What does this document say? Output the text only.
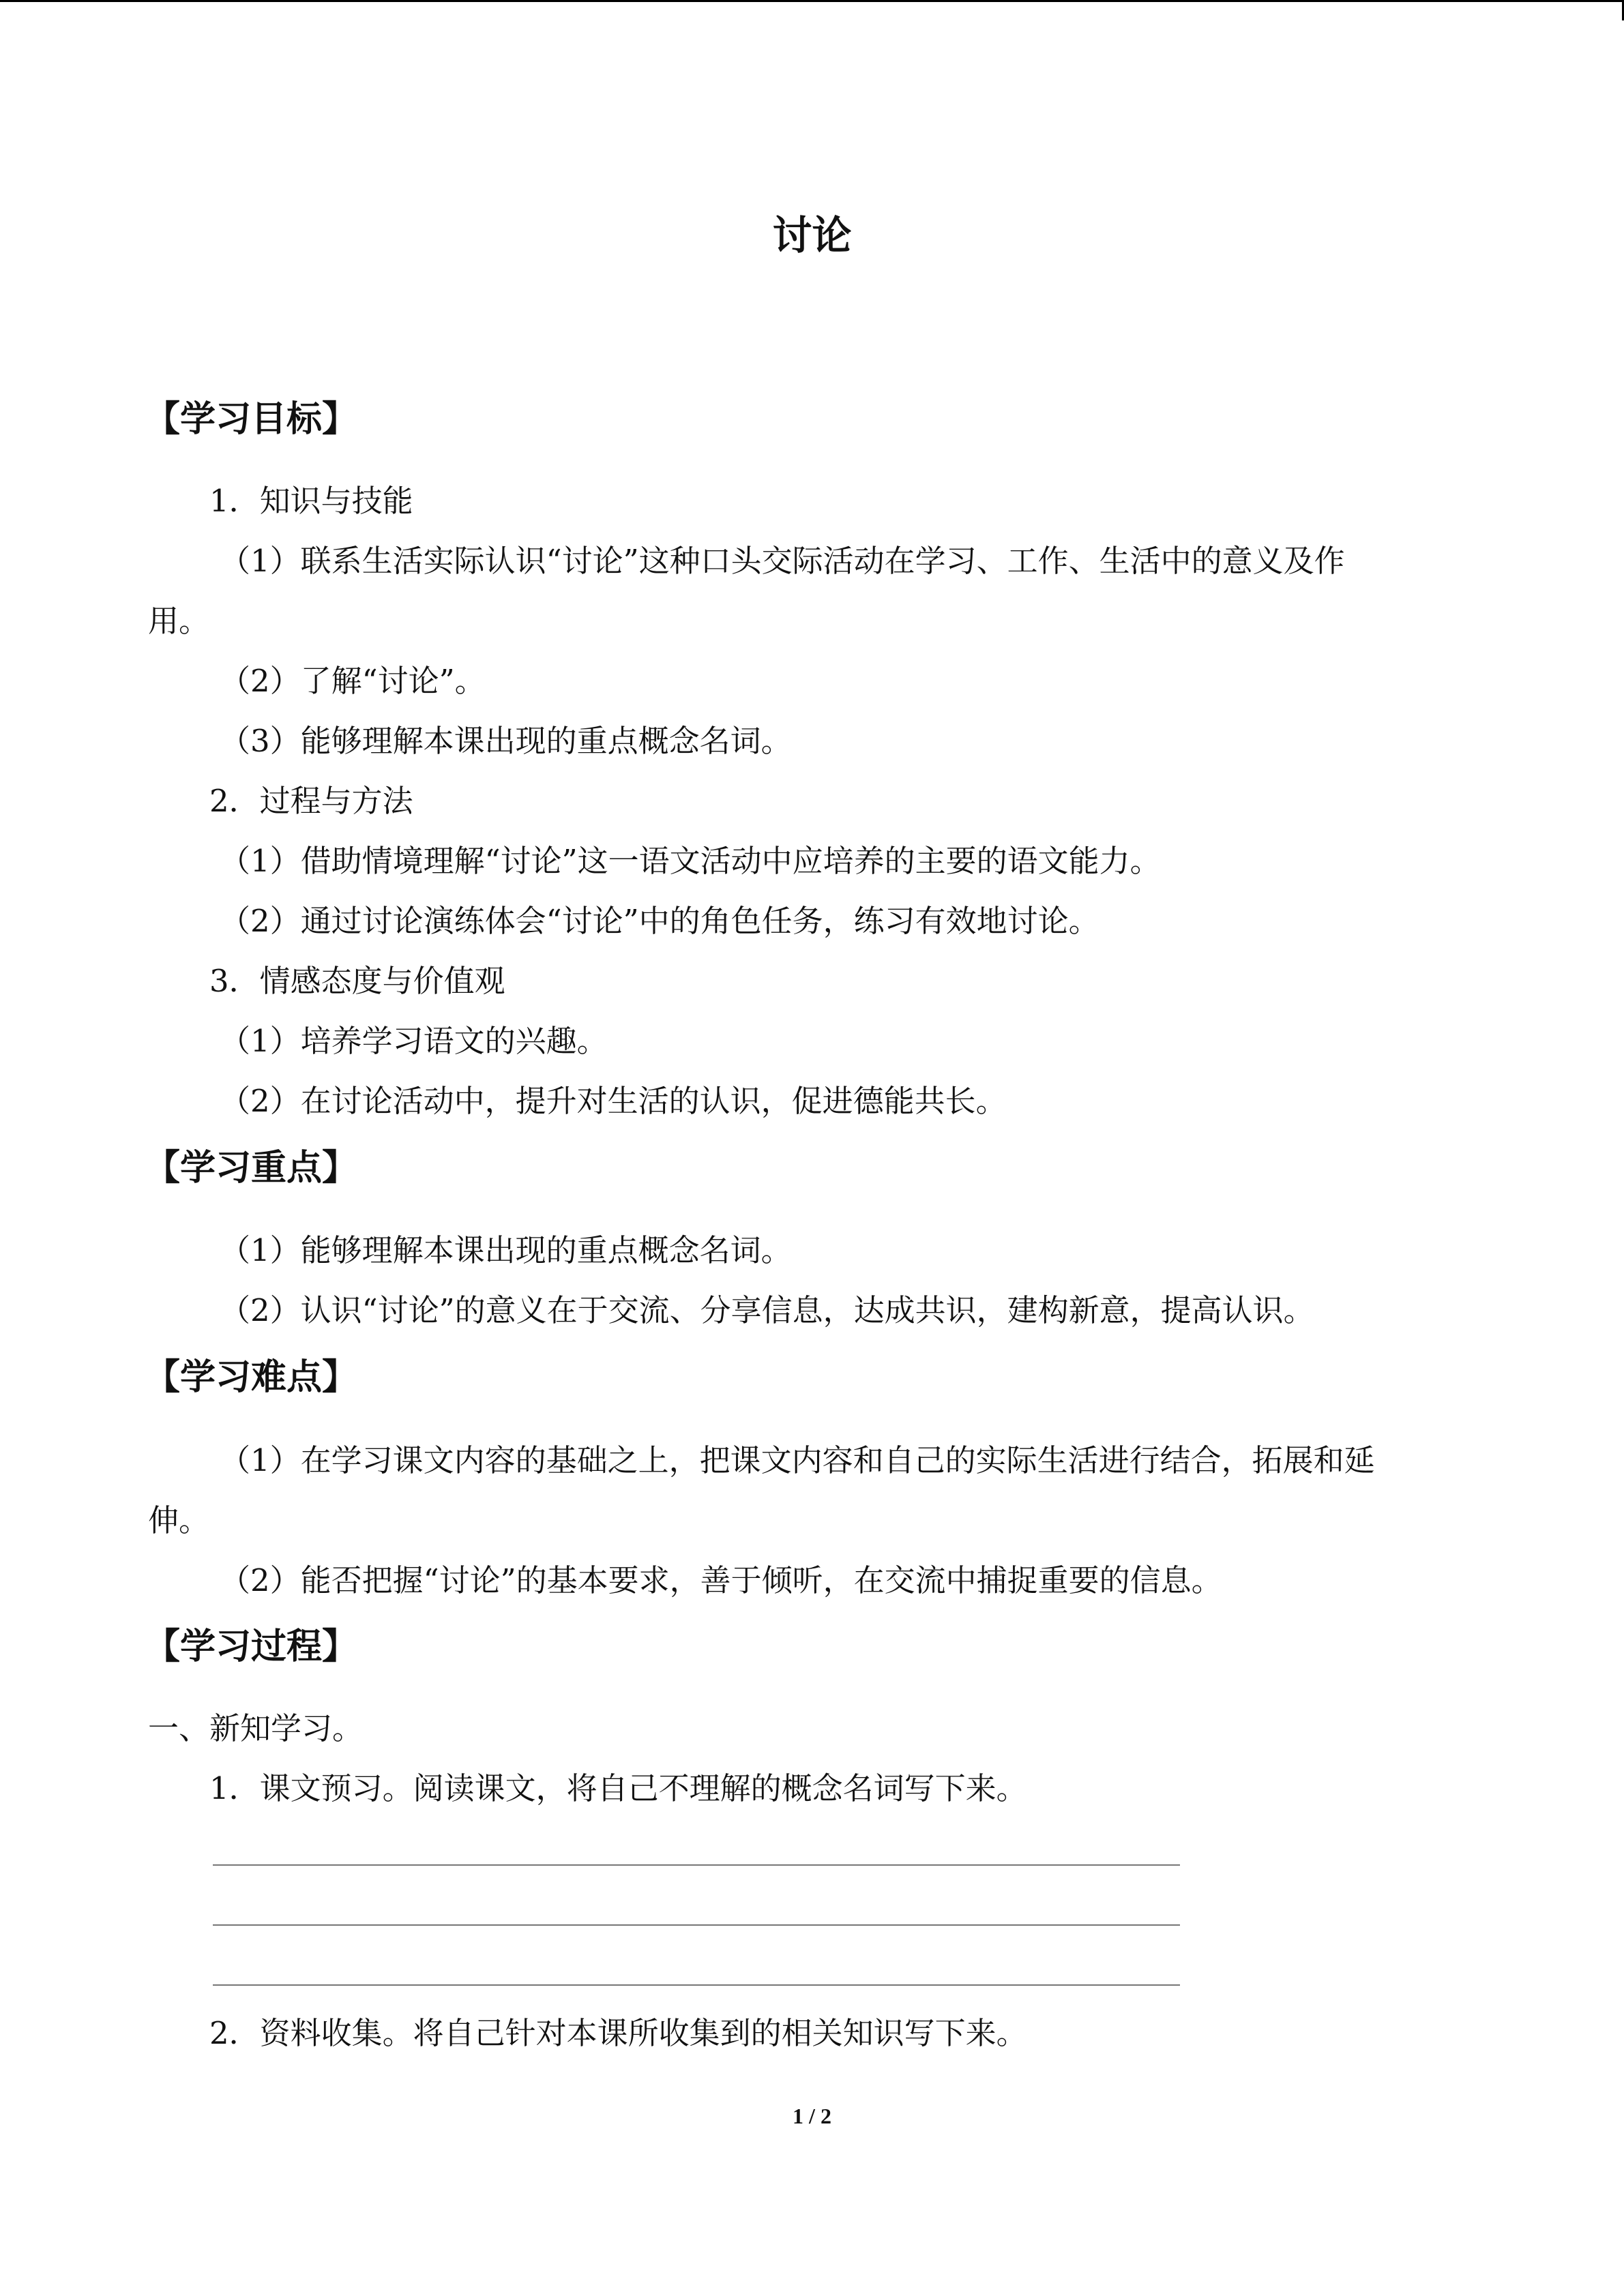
讨论
【学习目标】
1．知识与技能
（1）联系生活实际认识“讨论”这种口头交际活动在学习、工作、生活中的意义及作
用。
（2）了解“讨论”。
（3）能够理解本课出现的重点概念名词。
2．过程与方法
（1）借助情境理解“讨论”这一语文活动中应培养的主要的语文能力。
（2）通过讨论演练体会“讨论”中的角色任务，练习有效地讨论。
3．情感态度与价值观
（1）培养学习语文的兴趣。
（2）在讨论活动中，提升对生活的认识，促进德能共长。
【学习重点】
（1）能够理解本课出现的重点概念名词。
（2）认识“讨论”的意义在于交流、分享信息，达成共识，建构新意，提高认识。
【学习难点】
（1）在学习课文内容的基础之上，把课文内容和自己的实际生活进行结合，拓展和延
伸。
（2）能否把握“讨论”的基本要求，善于倾听，在交流中捕捉重要的信息。
【学习过程】
一、新知学习。
1．课文预习。阅读课文，将自己不理解的概念名词写下来。
2．资料收集。将自己针对本课所收集到的相关知识写下来。
1 / 2
